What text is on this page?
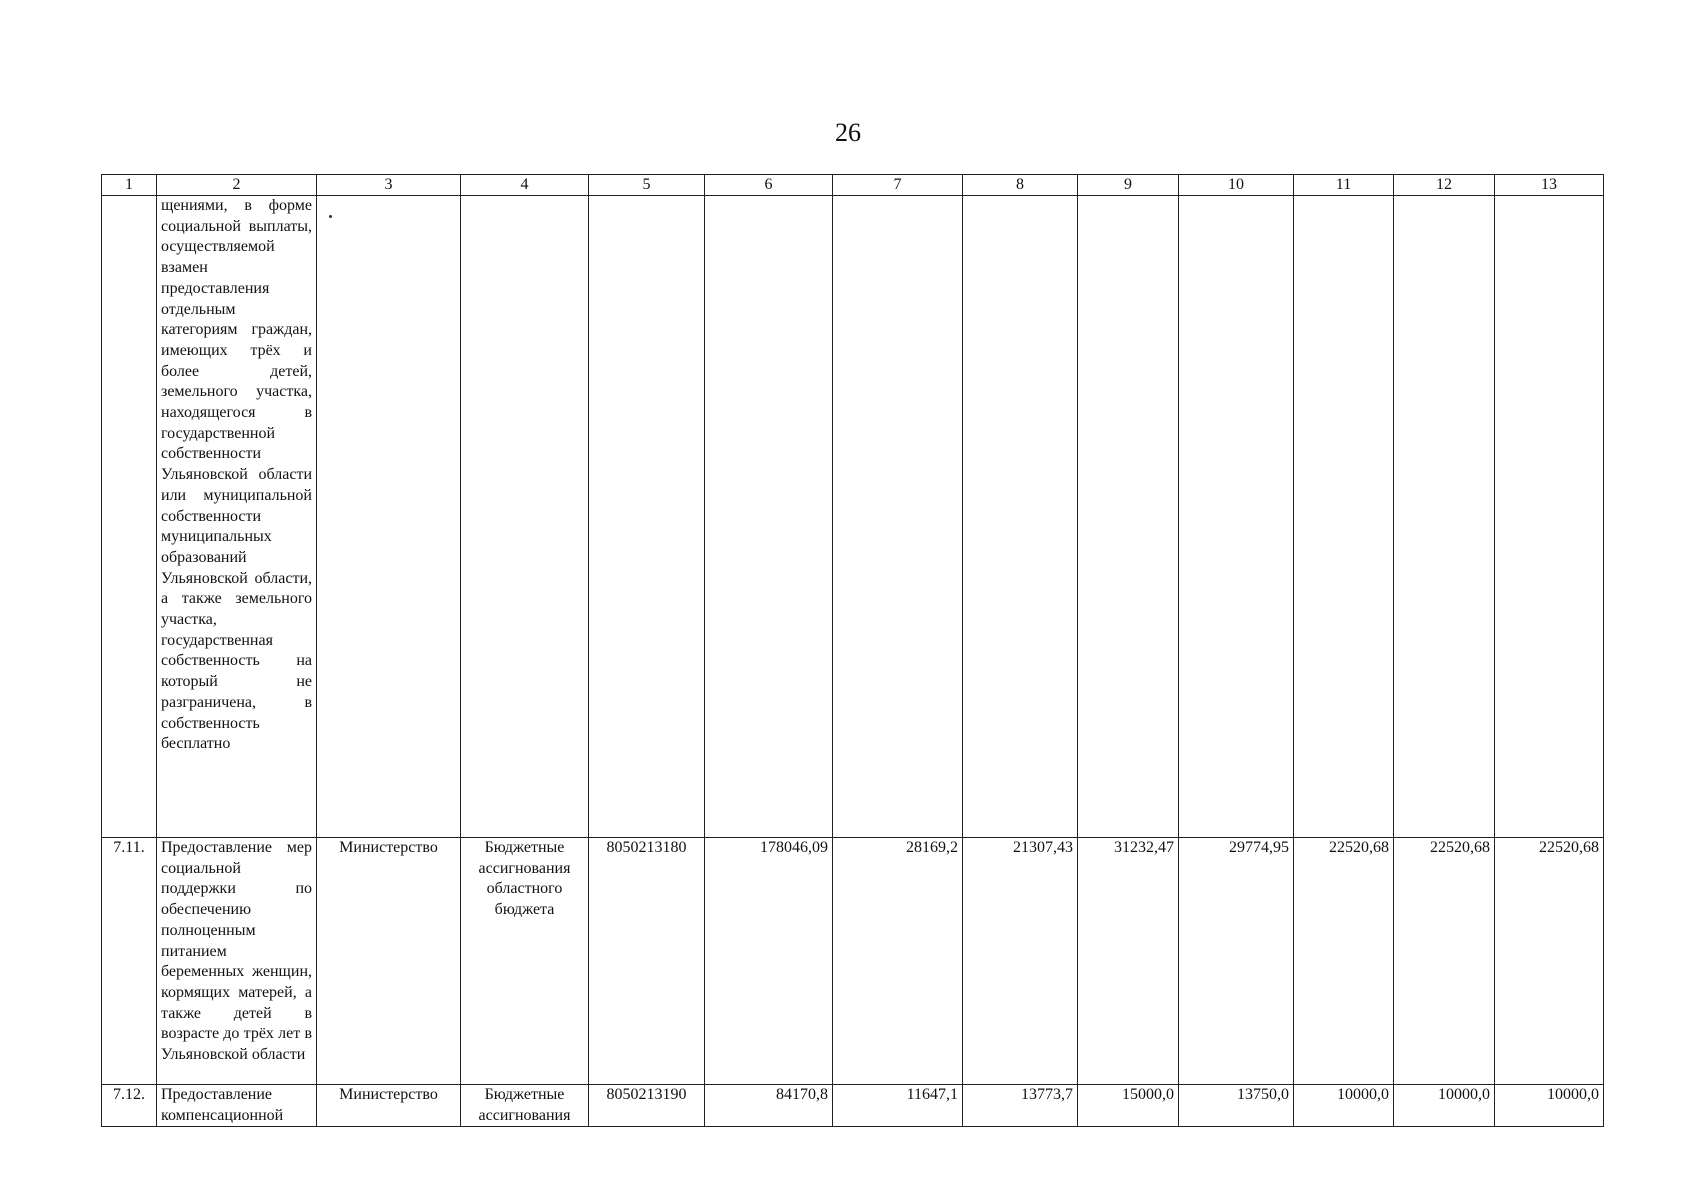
26
1	2	3	4	5	6	7	8	9	10	11	12	13
	щениями, в форме социальной выплаты, осуществляемой взамен предоставления отдельным категориям граждан, имеющих трёх и более детей, земельного участка, находящегося в государственной собственности Ульяновской области или муниципальной собственности муниципальных образований Ульяновской области, а также земельного участка, государственная собственность на который не разграничена, в собственность бесплатно											
7.11.	Предоставление мер социальной поддержки по обеспечению полноценным питанием беременных женщин, кормящих матерей, а также детей в возрасте до трёх лет в Ульяновской области	Министерство	Бюджетные ассигнования областного бюджета	8050213180	178046,09	28169,2	21307,43	31232,47	29774,95	22520,68	22520,68	22520,68
7.12.	Предоставление компенсационной	Министерство	Бюджетные ассигнования	8050213190	84170,8	11647,1	13773,7	15000,0	13750,0	10000,0	10000,0	10000,0
